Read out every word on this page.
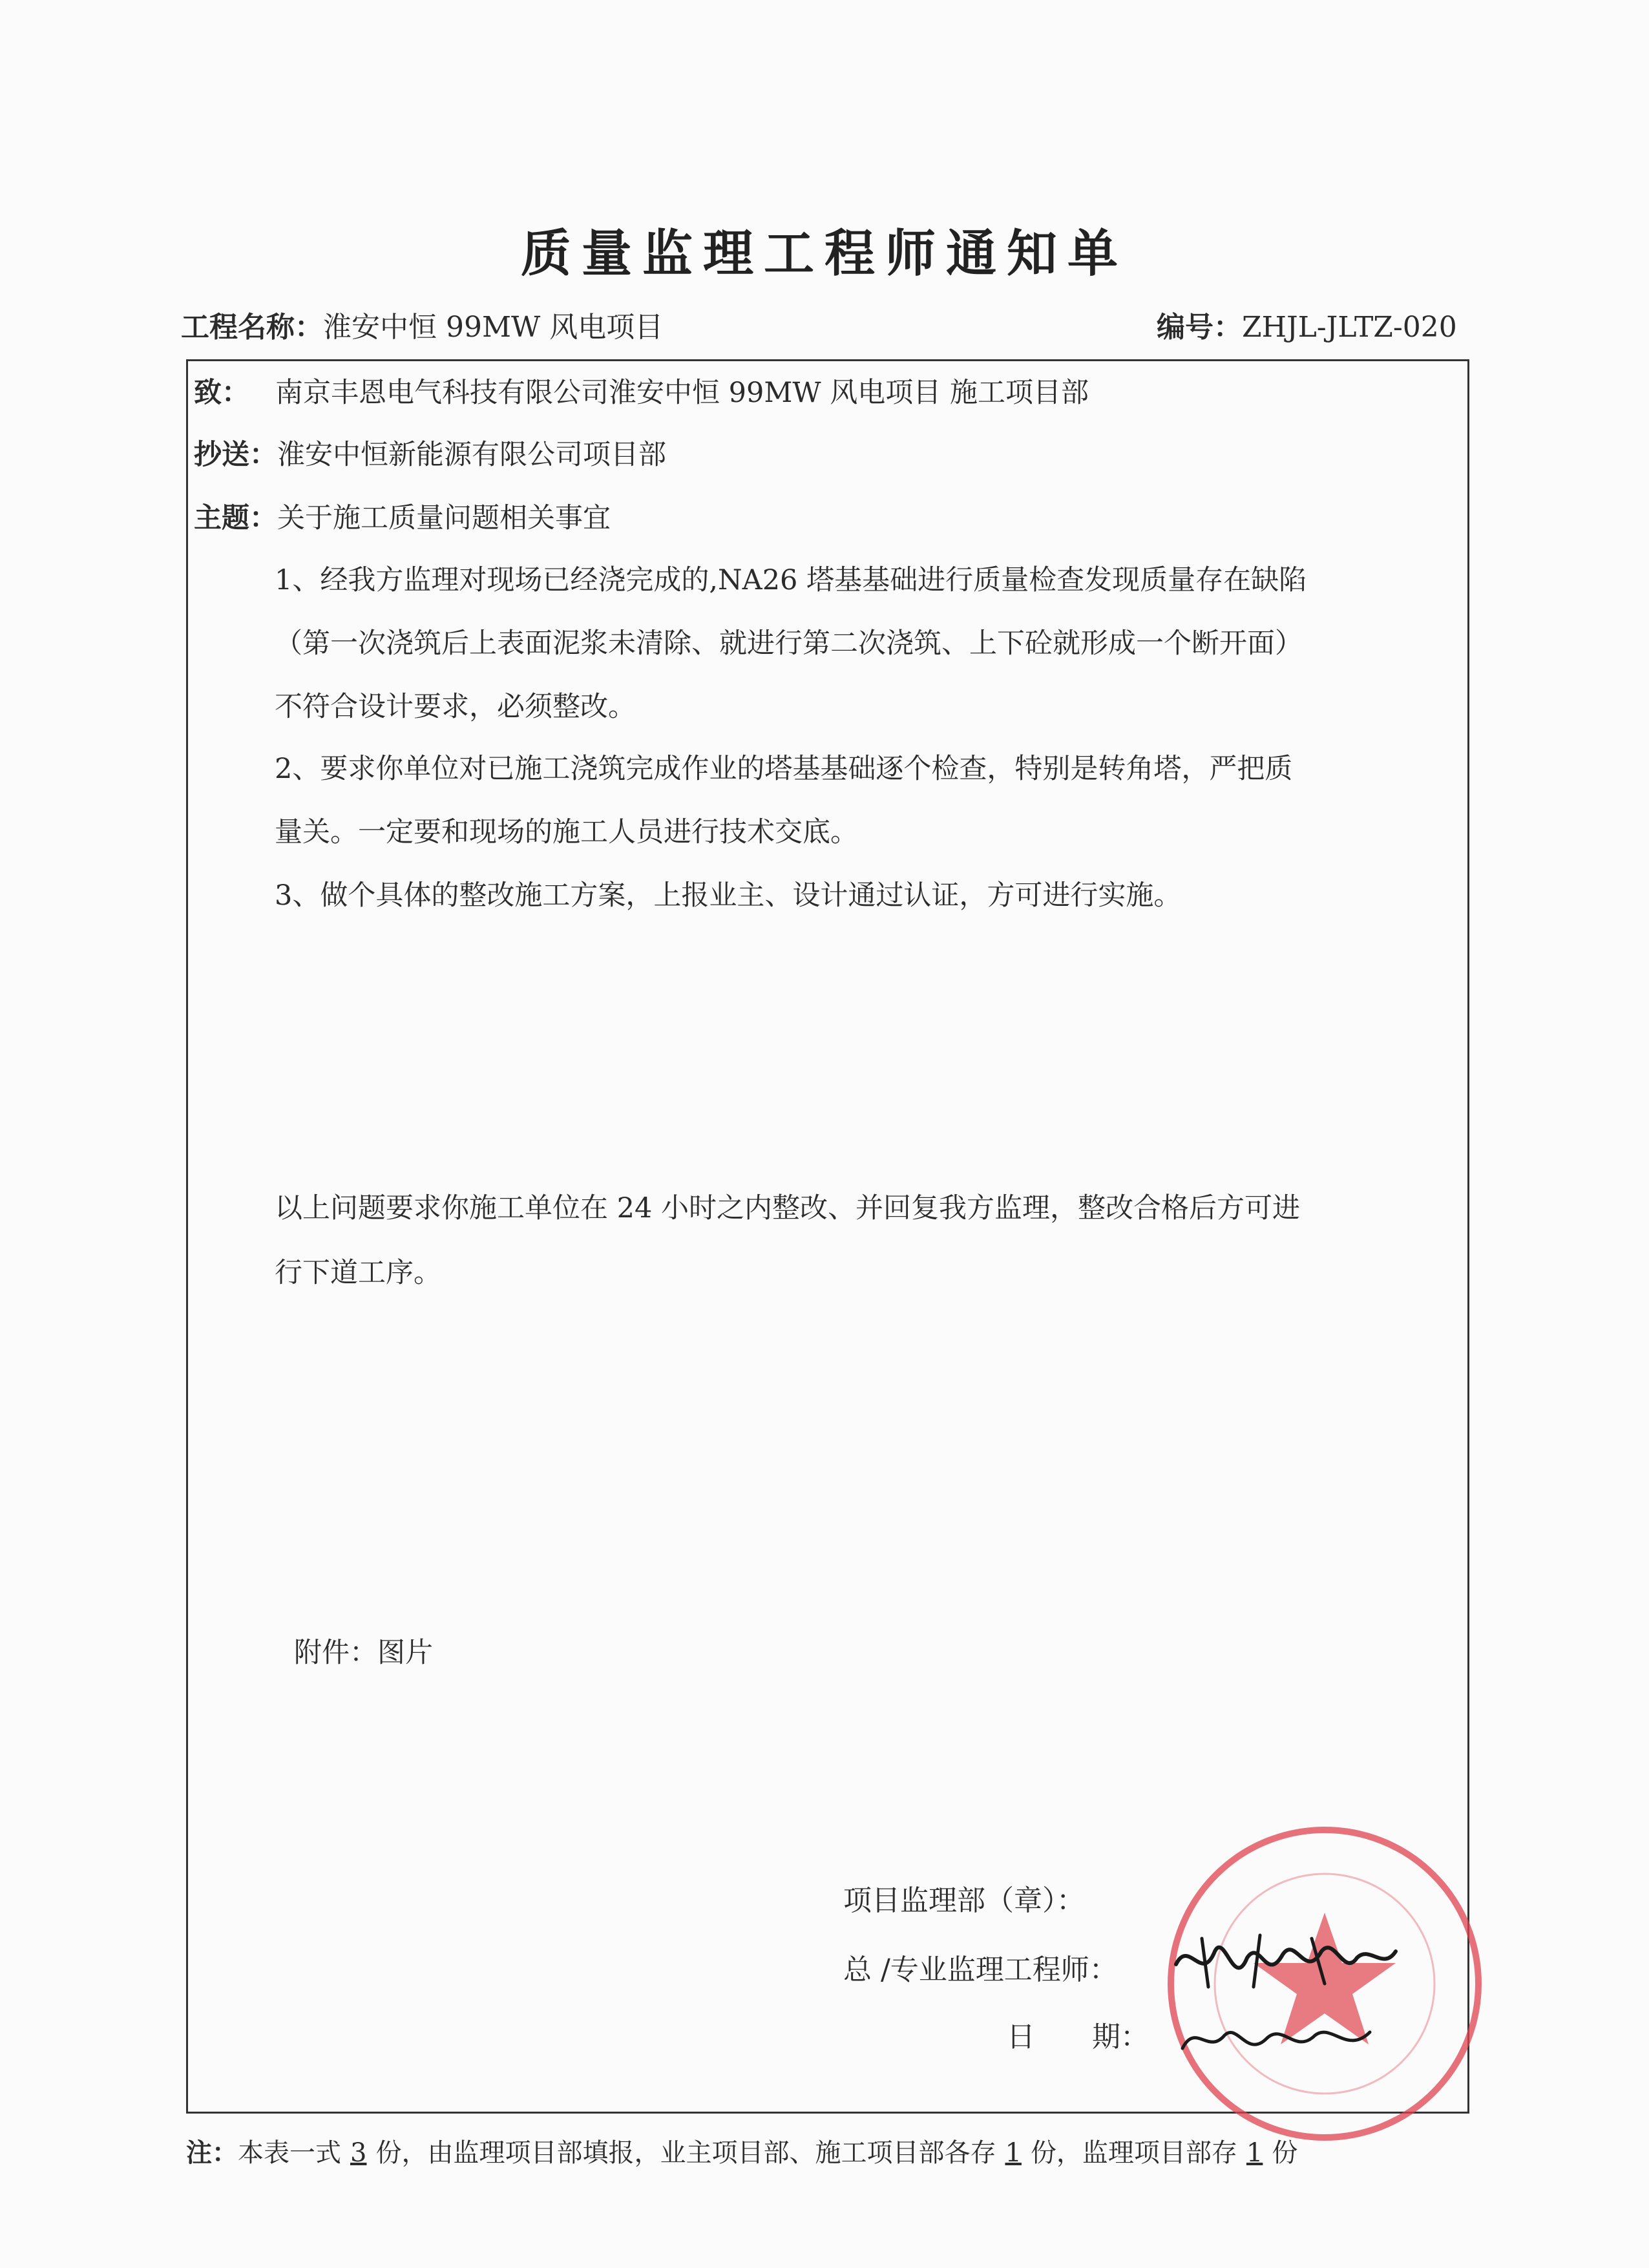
质量监理工程师通知单
工程名称：淮安中恒 99MW 风电项目	编号：ZHJL-JLTZ-020
致： 南京丰恩电气科技有限公司淮安中恒 99MW 风电项目 施工项目部
抄送：淮安中恒新能源有限公司项目部
主题：关于施工质量问题相关事宜
1、经我方监理对现场已经浇完成的,NA26 塔基基础进行质量检查发现质量存在缺陷
（第一次浇筑后上表面泥浆未清除、就进行第二次浇筑、上下砼就形成一个断开面）
不符合设计要求，必须整改。
2、要求你单位对已施工浇筑完成作业的塔基基础逐个检查，特别是转角塔，严把质
量关。一定要和现场的施工人员进行技术交底。
3、做个具体的整改施工方案，上报业主、设计通过认证，方可进行实施。
以上问题要求你施工单位在 24 小时之内整改、并回复我方监理，整改合格后方可进
行下道工序。
附件：图片
项目监理部（章）：
总 /专业监理工程师：
日　　期：
注：本表一式 3 份，由监理项目部填报，业主项目部、施工项目部各存 1 份，监理项目部存 1 份
